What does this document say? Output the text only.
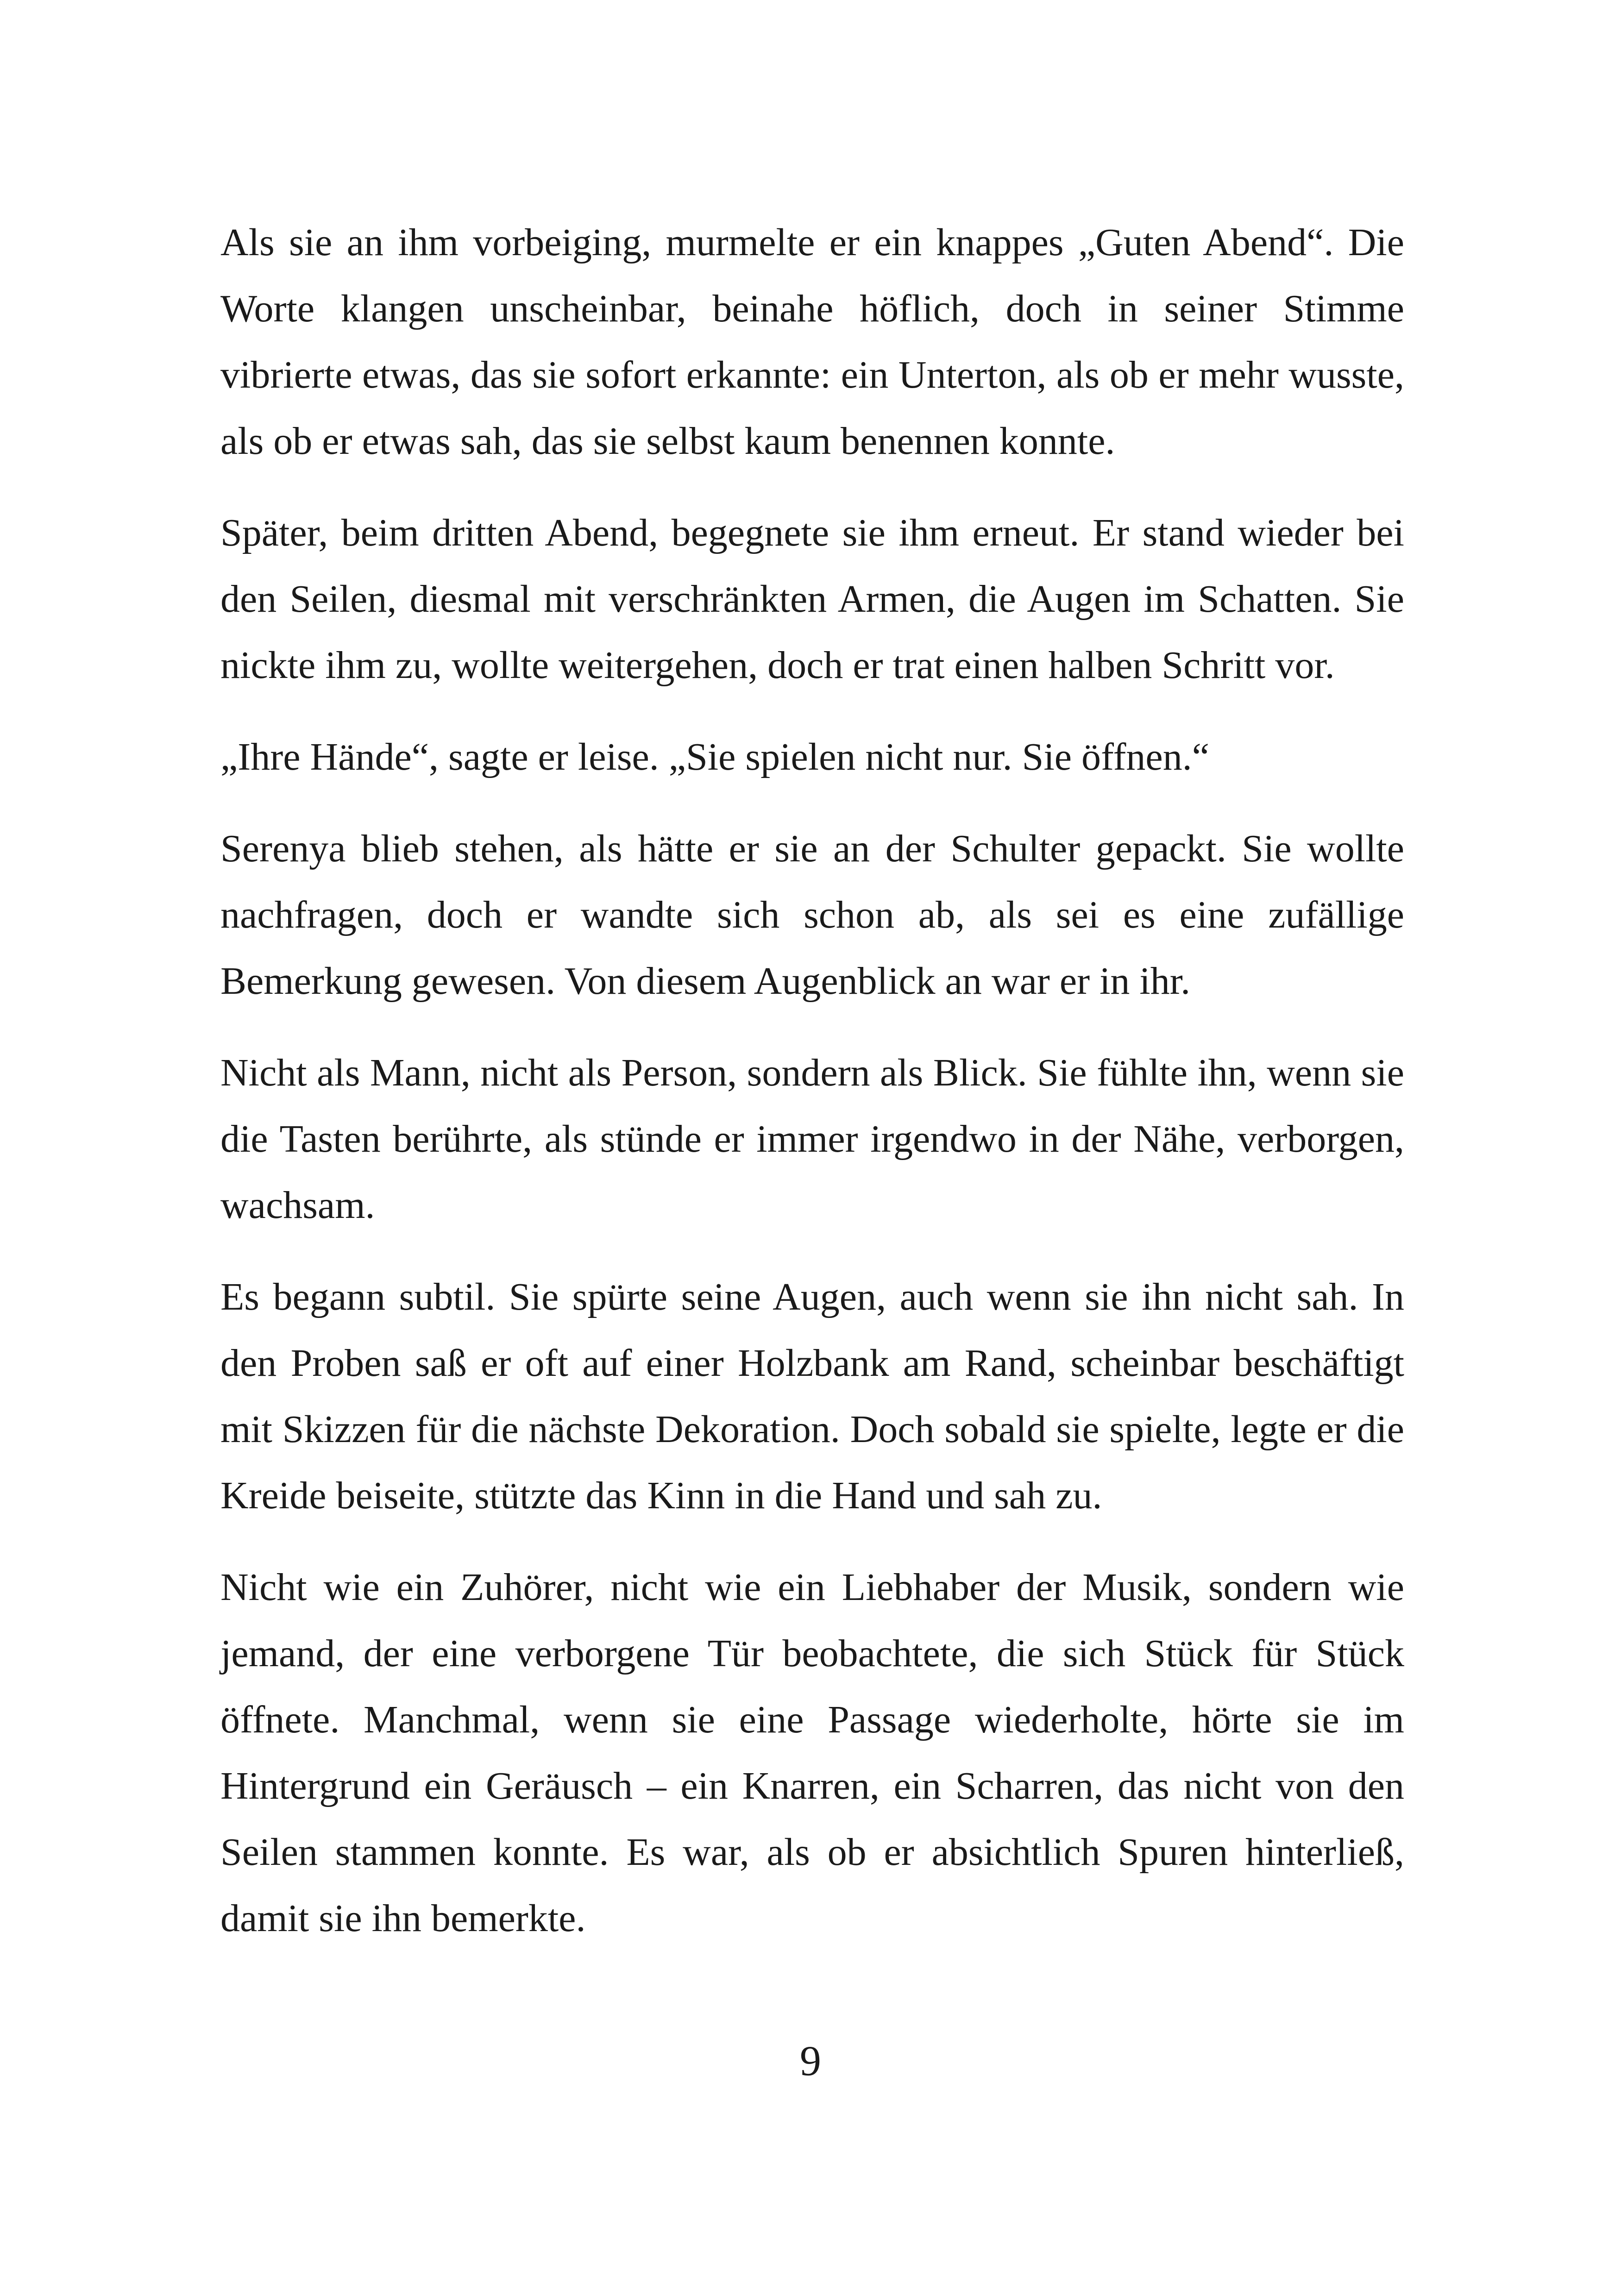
Als sie an ihm vorbeiging, murmelte er ein knappes „Guten Abend“. Die Worte klangen unscheinbar, beinahe höflich, doch in seiner Stimme vibrierte etwas, das sie sofort erkannte: ein Unterton, als ob er mehr wusste, als ob er etwas sah, das sie selbst kaum benennen konnte.

Später, beim dritten Abend, begegnete sie ihm erneut. Er stand wieder bei den Seilen, diesmal mit verschränkten Armen, die Augen im Schatten. Sie nickte ihm zu, wollte weitergehen, doch er trat einen halben Schritt vor.

„Ihre Hände“, sagte er leise. „Sie spielen nicht nur. Sie öffnen.“

Serenya blieb stehen, als hätte er sie an der Schulter gepackt. Sie wollte nachfragen, doch er wandte sich schon ab, als sei es eine zufällige Bemerkung gewesen. Von diesem Augenblick an war er in ihr.

Nicht als Mann, nicht als Person, sondern als Blick. Sie fühlte ihn, wenn sie die Tasten berührte, als stünde er immer irgendwo in der Nähe, verborgen, wachsam.

Es begann subtil. Sie spürte seine Augen, auch wenn sie ihn nicht sah. In den Proben saß er oft auf einer Holzbank am Rand, scheinbar beschäftigt mit Skizzen für die nächste Dekoration. Doch sobald sie spielte, legte er die Kreide beiseite, stützte das Kinn in die Hand und sah zu.

Nicht wie ein Zuhörer, nicht wie ein Liebhaber der Musik, sondern wie jemand, der eine verborgene Tür beobachtete, die sich Stück für Stück öffnete. Manchmal, wenn sie eine Passage wiederholte, hörte sie im Hintergrund ein Geräusch – ein Knarren, ein Scharren, das nicht von den Seilen stammen konnte. Es war, als ob er absichtlich Spuren hinterließ, damit sie ihn bemerkte.

9
